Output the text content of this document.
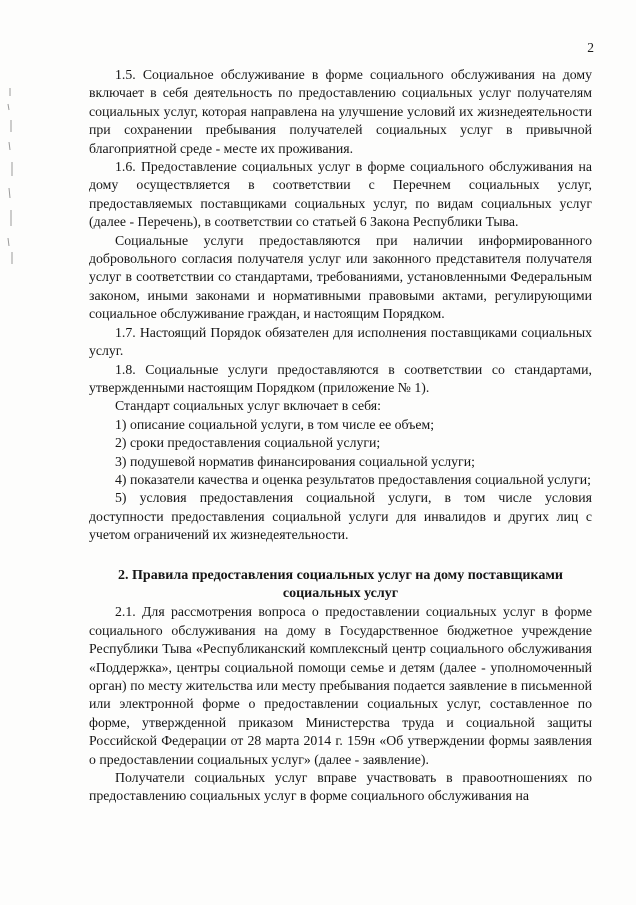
2

1.5. Социальное обслуживание в форме социального обслуживания на дому включает в себя деятельность по предоставлению социальных услуг получателям социальных услуг, которая направлена на улучшение условий их жизнедеятельности при сохранении пребывания получателей социальных услуг в привычной благоприятной среде - месте их проживания.

1.6. Предоставление социальных услуг в форме социального обслуживания на дому осуществляется в соответствии с Перечнем социальных услуг, предоставляемых поставщиками социальных услуг, по видам социальных услуг (далее - Перечень), в соответствии со статьей 6 Закона Республики Тыва.

Социальные услуги предоставляются при наличии информированного добровольного согласия получателя услуг или законного представителя получателя услуг в соответствии со стандартами, требованиями, установленными Федеральным законом, иными законами и нормативными правовыми актами, регулирующими социальное обслуживание граждан, и настоящим Порядком.

1.7. Настоящий Порядок обязателен для исполнения поставщиками социальных услуг.

1.8. Социальные услуги предоставляются в соответствии со стандартами, утвержденными настоящим Порядком (приложение № 1).

Стандарт социальных услуг включает в себя:

1) описание социальной услуги, в том числе ее объем;

2) сроки предоставления социальной услуги;

3) подушевой норматив финансирования социальной услуги;

4) показатели качества и оценка результатов предоставления социальной услуги;

5) условия предоставления социальной услуги, в том числе условия доступности предоставления социальной услуги для инвалидов и других лиц с учетом ограничений их жизнедеятельности.

2. Правила предоставления социальных услуг на дому поставщиками
социальных услуг

2.1. Для рассмотрения вопроса о предоставлении социальных услуг в форме социального обслуживания на дому в Государственное бюджетное учреждение Республики Тыва «Республиканский комплексный центр социального обслуживания «Поддержка», центры социальной помощи семье и детям (далее - уполномоченный орган) по месту жительства или месту пребывания подается заявление в письменной или электронной форме о предоставлении социальных услуг, составленное по форме, утвержденной приказом Министерства труда и социальной защиты Российской Федерации от 28 марта 2014 г. 159н «Об утверждении формы заявления о предоставлении социальных услуг» (далее - заявление).

Получатели социальных услуг вправе участвовать в правоотношениях по предоставлению социальных услуг в форме социального обслуживания на
